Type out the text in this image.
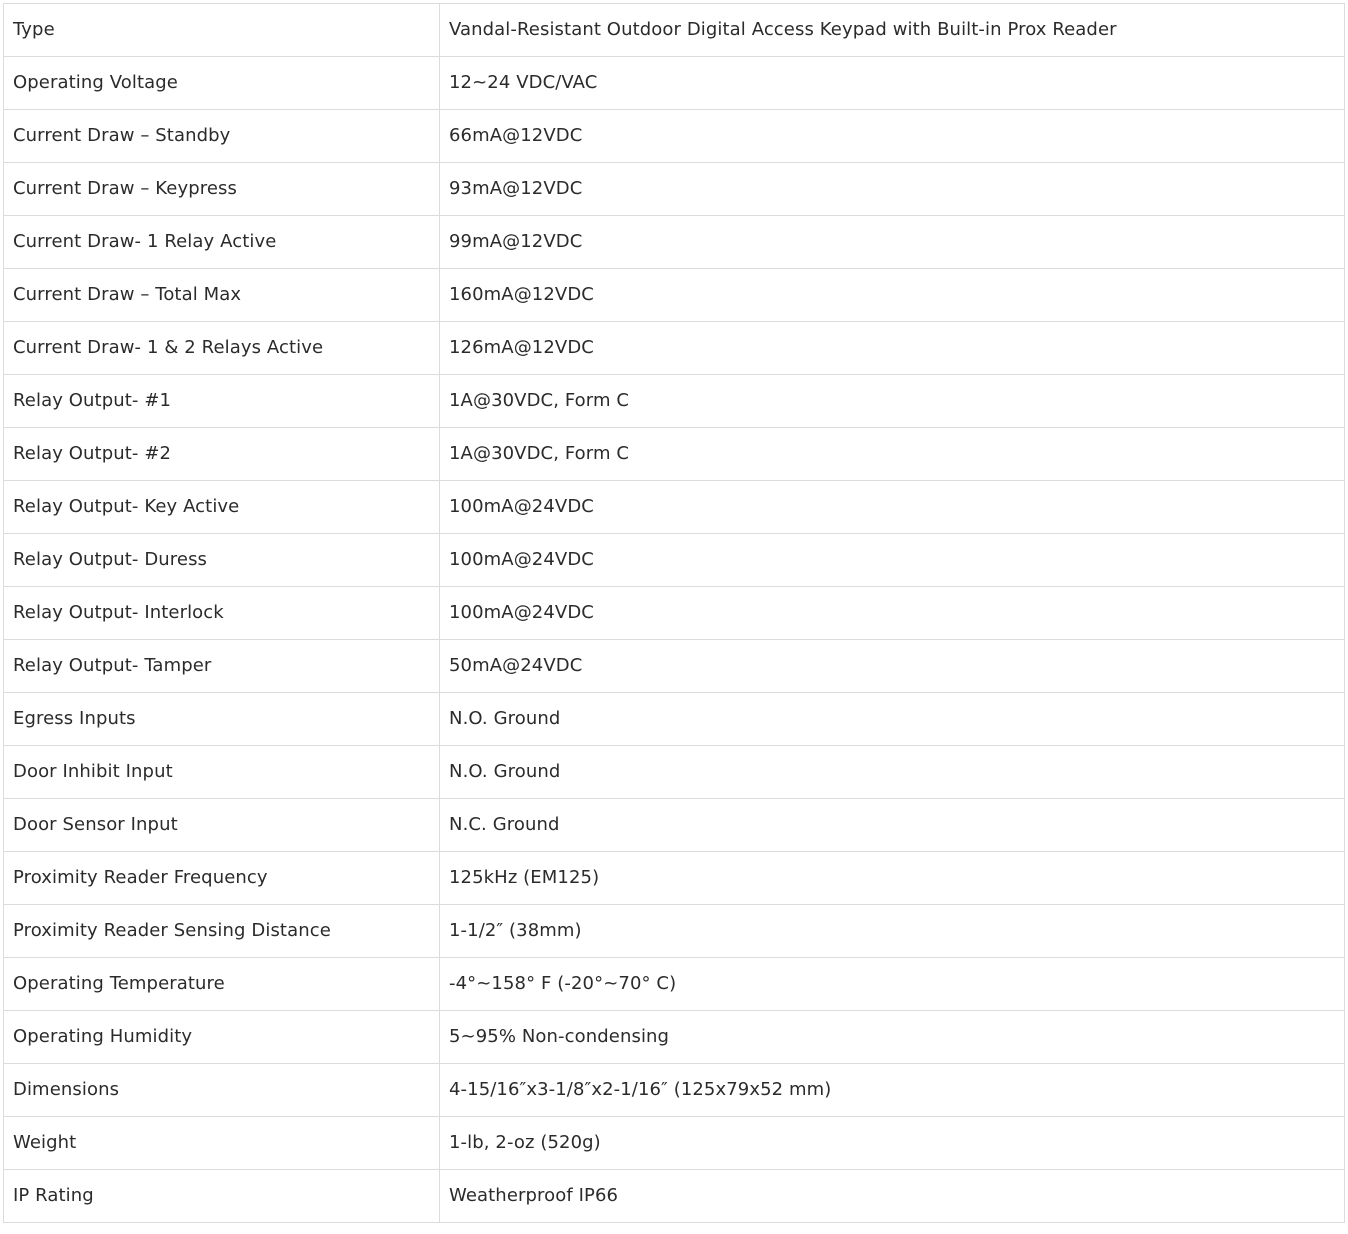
Type	Vandal-Resistant Outdoor Digital Access Keypad with Built-in Prox Reader
Operating Voltage	12~24 VDC/VAC
Current Draw – Standby	66mA@12VDC
Current Draw – Keypress	93mA@12VDC
Current Draw- 1 Relay Active	99mA@12VDC
Current Draw – Total Max	160mA@12VDC
Current Draw- 1 & 2 Relays Active	126mA@12VDC
Relay Output- #1	1A@30VDC, Form C
Relay Output- #2	1A@30VDC, Form C
Relay Output- Key Active	100mA@24VDC
Relay Output- Duress	100mA@24VDC
Relay Output- Interlock	100mA@24VDC
Relay Output- Tamper	50mA@24VDC
Egress Inputs	N.O. Ground
Door Inhibit Input	N.O. Ground
Door Sensor Input	N.C. Ground
Proximity Reader Frequency	125kHz (EM125)
Proximity Reader Sensing Distance	1-1/2″ (38mm)
Operating Temperature	-4°~158° F (-20°~70° C)
Operating Humidity	5~95% Non-condensing
Dimensions	4-15/16″x3-1/8″x2-1/16″ (125x79x52 mm)
Weight	1-lb, 2-oz (520g)
IP Rating	Weatherproof IP66
